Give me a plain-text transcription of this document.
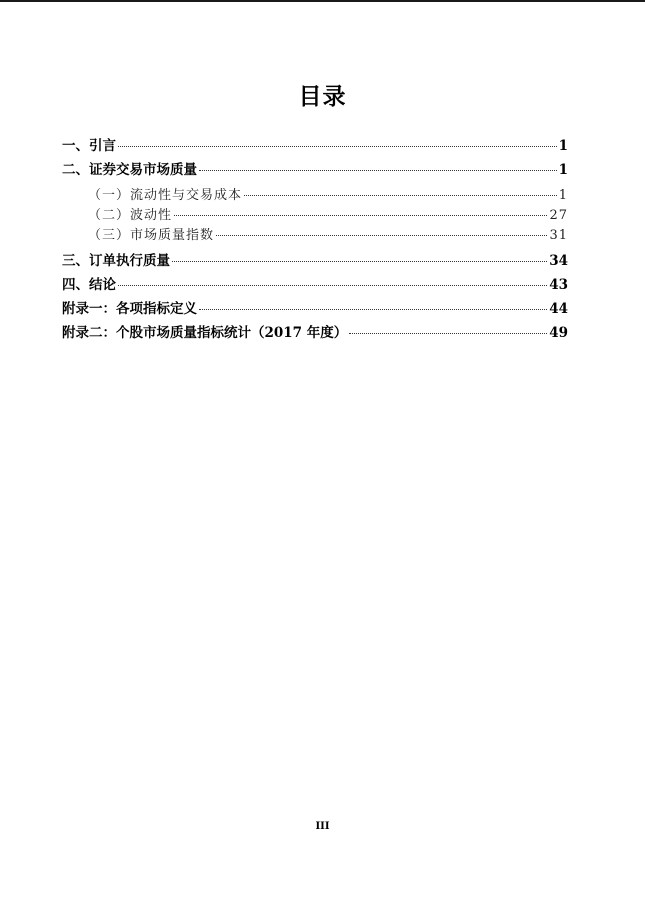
目录
一、引言	1
二、证券交易市场质量	1
（一）流动性与交易成本	1
（二）波动性	27
（三）市场质量指数	31
三、订单执行质量	34
四、结论	43
附录一：各项指标定义	44
附录二：个股市场质量指标统计（2017 年度）	49
III
